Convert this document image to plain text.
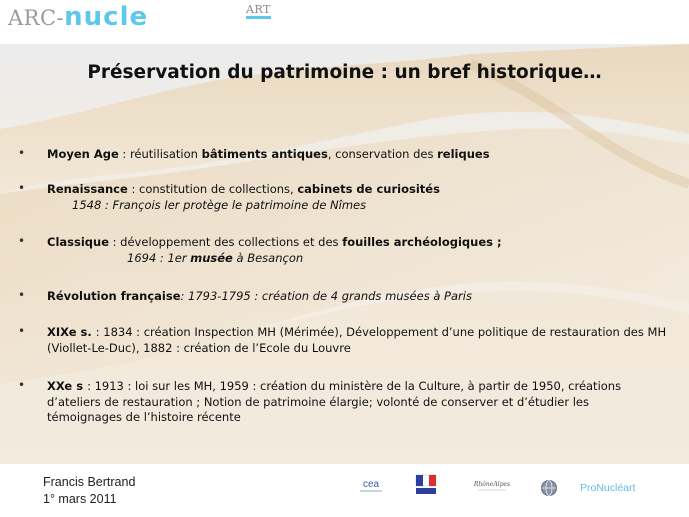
ARC-nucle	ART
Préservation du patrimoine : un bref historique…
• Moyen Age : réutilisation bâtiments antiques, conservation des reliques
• Renaissance : constitution de collections, cabinets de curiosités
1548 : François Ier protège le patrimoine de Nîmes
• Classique : développement des collections et des fouilles archéologiques ;
1694 : 1er musée à Besançon
• Révolution française: 1793-1795 : création de 4 grands musées à Paris
• XIXe s. : 1834 : création Inspection MH (Mérimée), Développement d’une politique de restauration des MH (Viollet-Le-Duc), 1882 : création de l’Ecole du Louvre
• XXe s : 1913 : loi sur les MH, 1959 : création du ministère de la Culture, à partir de 1950, créations d’ateliers de restauration ; Notion de patrimoine élargie; volonté de conserver et d’étudier les témoignages de l’histoire récente
Francis Bertrand
1° mars 2011
cea	RhôneAlpes	ProNucléart
